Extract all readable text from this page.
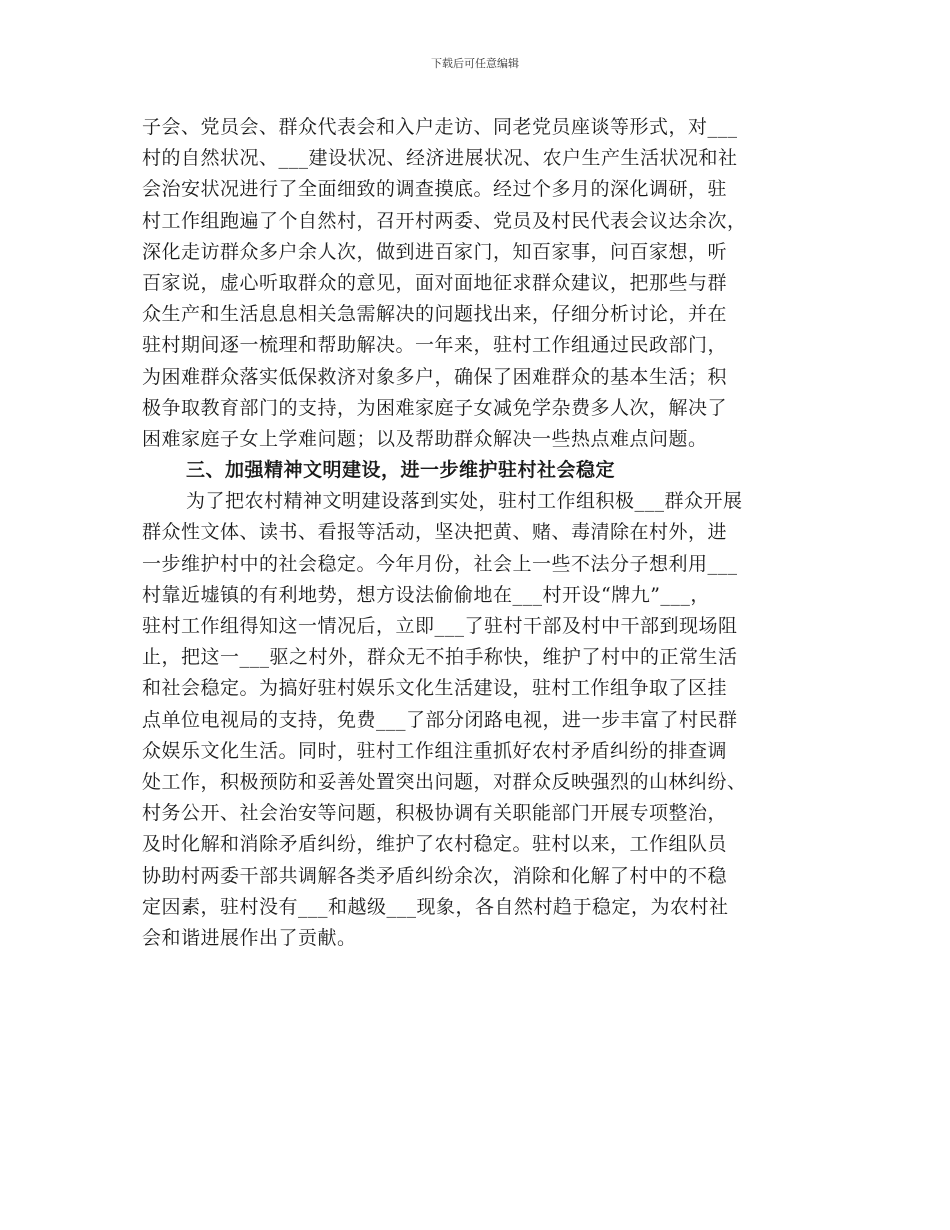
下载后可任意编辑
子会、党员会、群众代表会和入户走访、同老党员座谈等形式，对___
村的自然状况、___建设状况、经济进展状况、农户生产生活状况和社
会治安状况进行了全面细致的调查摸底。经过个多月的深化调研，驻
村工作组跑遍了个自然村，召开村两委、党员及村民代表会议达余次，
深化走访群众多户余人次，做到进百家门，知百家事，问百家想，听
百家说，虚心听取群众的意见，面对面地征求群众建议，把那些与群
众生产和生活息息相关急需解决的问题找出来，仔细分析讨论，并在
驻村期间逐一梳理和帮助解决。一年来，驻村工作组通过民政部门，
为困难群众落实低保救济对象多户，确保了困难群众的基本生活；积
极争取教育部门的支持，为困难家庭子女减免学杂费多人次，解决了
困难家庭子女上学难问题；以及帮助群众解决一些热点难点问题。
三、加强精神文明建设，进一步维护驻村社会稳定
为了把农村精神文明建设落到实处，驻村工作组积极___群众开展
群众性文体、读书、看报等活动，坚决把黄、赌、毒清除在村外，进
一步维护村中的社会稳定。今年月份，社会上一些不法分子想利用___
村靠近墟镇的有利地势，想方设法偷偷地在___村开设“牌九”___，
驻村工作组得知这一情况后，立即___了驻村干部及村中干部到现场阻
止，把这一___驱之村外，群众无不拍手称快，维护了村中的正常生活
和社会稳定。为搞好驻村娱乐文化生活建设，驻村工作组争取了区挂
点单位电视局的支持，免费___了部分闭路电视，进一步丰富了村民群
众娱乐文化生活。同时，驻村工作组注重抓好农村矛盾纠纷的排查调
处工作，积极预防和妥善处置突出问题，对群众反映强烈的山林纠纷、
村务公开、社会治安等问题，积极协调有关职能部门开展专项整治，
及时化解和消除矛盾纠纷，维护了农村稳定。驻村以来，工作组队员
协助村两委干部共调解各类矛盾纠纷余次，消除和化解了村中的不稳
定因素，驻村没有___和越级___现象，各自然村趋于稳定，为农村社
会和谐进展作出了贡献。
